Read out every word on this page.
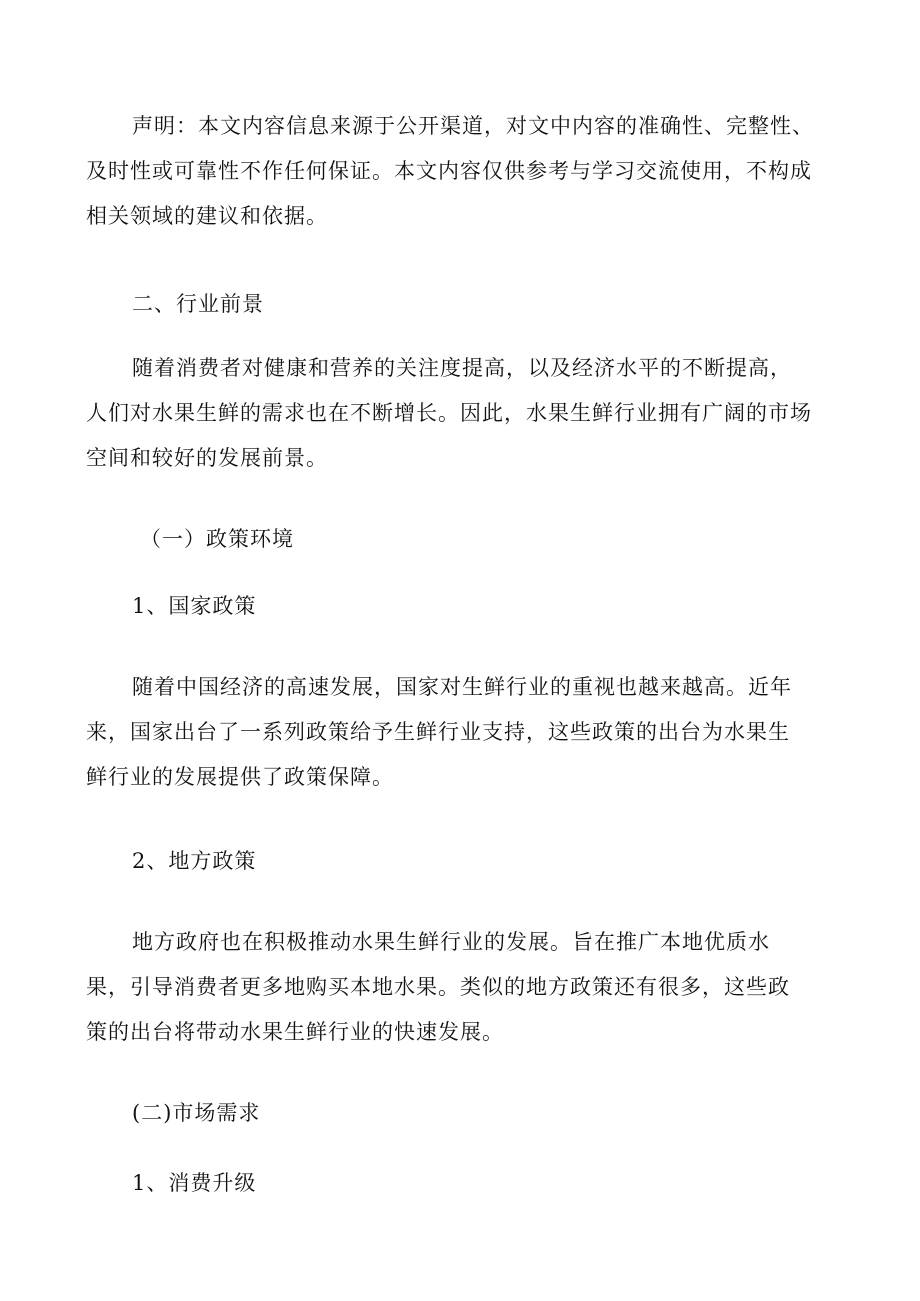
声明：本文内容信息来源于公开渠道，对文中内容的准确性、完整性、
及时性或可靠性不作任何保证。本文内容仅供参考与学习交流使用，不构成
相关领域的建议和依据。
二、行业前景
随着消费者对健康和营养的关注度提高，以及经济水平的不断提高，
人们对水果生鲜的需求也在不断增长。因此，水果生鲜行业拥有广阔的市场
空间和较好的发展前景。
（一）政策环境
1、国家政策
随着中国经济的高速发展，国家对生鲜行业的重视也越来越高。近年
来，国家出台了一系列政策给予生鲜行业支持，这些政策的出台为水果生
鲜行业的发展提供了政策保障。
2、地方政策
地方政府也在积极推动水果生鲜行业的发展。旨在推广本地优质水
果，引导消费者更多地购买本地水果。类似的地方政策还有很多，这些政
策的出台将带动水果生鲜行业的快速发展。
(二)市场需求
1、消费升级
